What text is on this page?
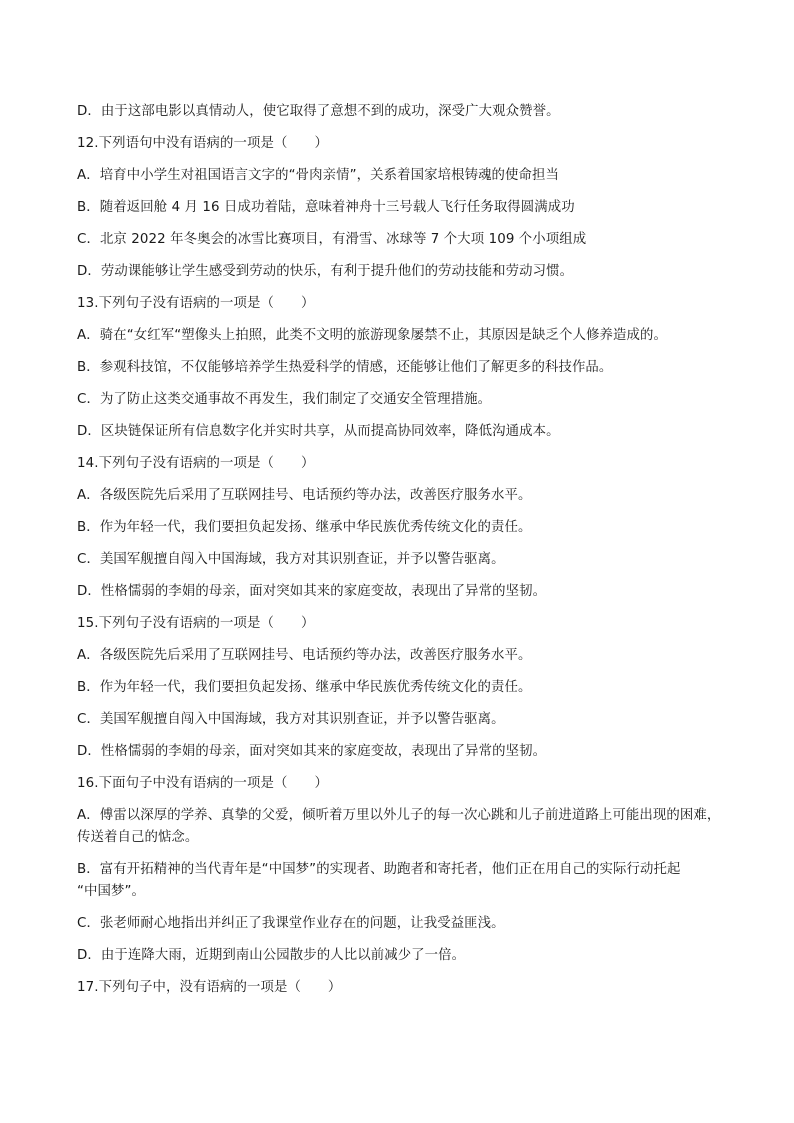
D．由于这部电影以真情动人，使它取得了意想不到的成功，深受广大观众赞誉。
12.下列语句中没有语病的一项是（　　）
A．培育中小学生对祖国语言文字的“骨肉亲情”，关系着国家培根铸魂的使命担当
B．随着返回舱 4 月 16 日成功着陆，意味着神舟十三号载人飞行任务取得圆满成功
C．北京 2022 年冬奥会的冰雪比赛项目，有滑雪、冰球等 7 个大项 109 个小项组成
D．劳动课能够让学生感受到劳动的快乐，有利于提升他们的劳动技能和劳动习惯。
13.下列句子没有语病的一项是（　　）
A．骑在“女红军“塑像头上拍照，此类不文明的旅游现象屡禁不止，其原因是缺乏个人修养造成的。
B．参观科技馆，不仅能够培养学生热爱科学的情感，还能够让他们了解更多的科技作品。
C．为了防止这类交通事故不再发生，我们制定了交通安全管理措施。
D．区块链保证所有信息数字化并实时共享，从而提高协同效率，降低沟通成本。
14.下列句子没有语病的一项是（　　）
A．各级医院先后采用了互联网挂号、电话预约等办法，改善医疗服务水平。
B．作为年轻一代，我们要担负起发扬、继承中华民族优秀传统文化的责任。
C．美国军舰擅自闯入中国海域，我方对其识别查证，并予以警告驱离。
D．性格懦弱的李娟的母亲，面对突如其来的家庭变故，表现出了异常的坚韧。
15.下列句子没有语病的一项是（　　）
A．各级医院先后采用了互联网挂号、电话预约等办法，改善医疗服务水平。
B．作为年轻一代，我们要担负起发扬、继承中华民族优秀传统文化的责任。
C．美国军舰擅自闯入中国海域，我方对其识别查证，并予以警告驱离。
D．性格懦弱的李娟的母亲，面对突如其来的家庭变故，表现出了异常的坚韧。
16.下面句子中没有语病的一项是（　　）
A．傅雷以深厚的学养、真挚的父爱，倾听着万里以外儿子的每一次心跳和儿子前进道路上可能出现的困难，
传送着自己的惦念。
B．富有开拓精神的当代青年是“中国梦”的实现者、助跑者和寄托者，他们正在用自己的实际行动托起
“中国梦”。
C．张老师耐心地指出并纠正了我课堂作业存在的问题，让我受益匪浅。
D．由于连降大雨，近期到南山公园散步的人比以前减少了一倍。
17.下列句子中，没有语病的一项是（　　）
